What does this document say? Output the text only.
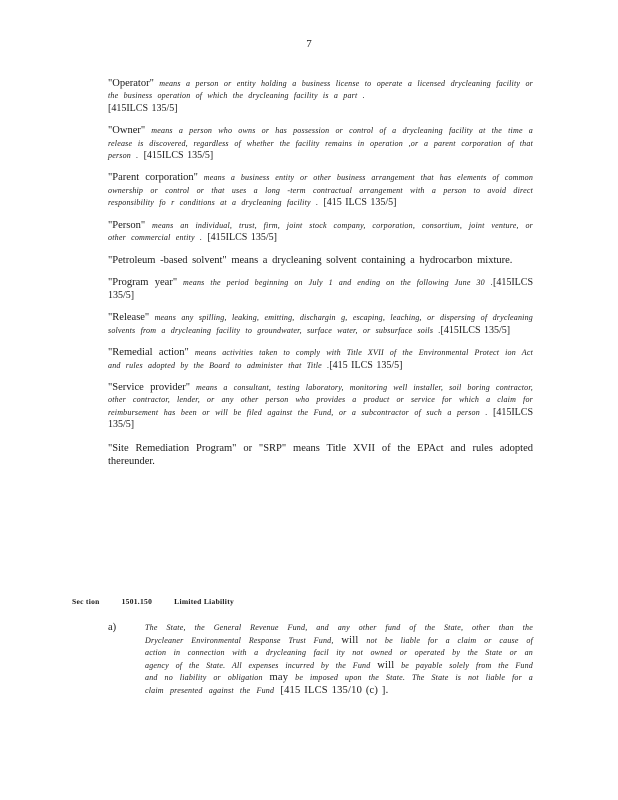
7

"Operator" means a person or entity holding a business license to operate a licensed drycleaning facility or the business operation of which the drycleaning facility is a part .
[415ILCS 135/5]

"Owner" means a person who owns or has possession or control of a drycleaning facility at the time a release is discovered, regardless of whether the facility remains in operation ,or a parent corporation of that person . [415ILCS 135/5]

"Parent corporation" means a business entity or other business arrangement that has elements of common ownership or control or that uses a long -term contractual arrangement with a person to avoid direct responsibility fo r conditions at a drycleaning facility . [415 ILCS 135/5]

"Person" means an individual, trust, firm, joint stock company, corporation, consortium, joint venture, or other commercial entity . [415ILCS 135/5]

"Petroleum -based solvent" means a drycleaning solvent containing a hydrocarbon mixture.

"Program year" means the period beginning on July 1 and ending on the following June 30 .[415ILCS 135/5]

"Release" means any spilling, leaking, emitting, dischargin g, escaping, leaching, or dispersing of drycleaning solvents from a drycleaning facility to groundwater, surface water, or subsurface soils .[415ILCS 135/5]

"Remedial action" means activities taken to comply with Title XVII of the Environmental Protect ion Act and rules adopted by the Board to administer that Title .[415 ILCS 135/5]

"Service provider" means a consultant, testing laboratory, monitoring well installer, soil boring contractor, other contractor, lender, or any other person who provides a product or service for which a claim for reimbursement has been or will be filed against the Fund, or a subcontractor of such a person . [415ILCS 135/5]

"Site Remediation Program" or "SRP" means Title XVII of the EPAct and rules adopted thereunder.

Sec tion	1501.150	Limited Liability
a)	The State, the General Revenue Fund, and any other fund of the State, other than the Drycleaner Environmental Response Trust Fund, will not be liable for a claim or cause of action in connection with a drycleaning facil ity not owned or operated by the State or an agency of the State. All expenses incurred by the Fund will be payable solely from the Fund and no liability or obligation may be imposed upon the State. The State is not liable for a claim presented against the Fund [415 ILCS 135/10 (c) ].
